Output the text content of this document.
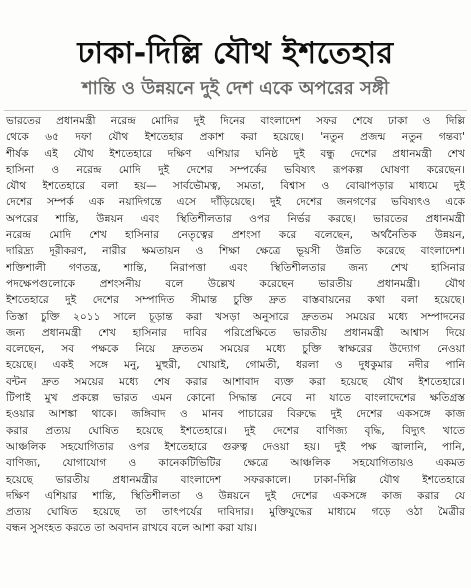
ঢাকা-দিল্লি যৌথ ইশতেহার
শান্তি ও উন্নয়নে দুই দেশ একে অপরের সঙ্গী
ভারতের প্রধানমন্ত্রী নরেন্দ্র মোদির দুই দিনের বাংলাদেশ সফর শেষে ঢাকা ও দিল্লি
থেকে ৬৫ দফা যৌথ ইশতেহার প্রকাশ করা হয়েছে। 'নতুন প্রজন্ম নতুন গন্তব্য'
শীর্ষক এই যৌথ ইশতেহারে দক্ষিণ এশিয়ার ঘনিষ্ঠ দুই বন্ধু দেশের প্রধানমন্ত্রী শেখ
হাসিনা ও নরেন্দ্র মোদি দুই দেশের সম্পর্কের ভবিষ্যৎ রূপকল্প ঘোষণা করেছেন।
যৌথ ইশতেহারে বলা হয়— সার্বভৌমত্ব, সমতা, বিশ্বাস ও বোঝাপড়ার মাধ্যমে দুই
দেশের সম্পর্ক এক নয়াদিগন্তে এসে দাঁড়িয়েছে। দুই দেশের জনগণের ভবিষ্যৎও একে
অপরের শান্তি, উন্নয়ন এবং স্থিতিশীলতার ওপর নির্ভর করছে। ভারতের প্রধানমন্ত্রী
নরেন্দ্র মোদি শেখ হাসিনার নেতৃত্বের প্রশংসা করে বলেছেন, অর্থনৈতিক উন্নয়ন,
দারিদ্র্য দূরীকরণ, নারীর ক্ষমতায়ন ও শিক্ষা ক্ষেত্রে ভূয়সী উন্নতি করেছে বাংলাদেশ।
শক্তিশালী গণতন্ত্র, শান্তি, নিরাপত্তা এবং স্থিতিশীলতার জন্য শেখ হাসিনার
পদক্ষেপগুলোকে প্রশংসনীয় বলে উল্লেখ করেছেন ভারতীয় প্রধানমন্ত্রী। যৌথ
ইশতেহারে দুই দেশের সম্পাদিত সীমান্ত চুক্তি দ্রুত বাস্তবায়নের কথা বলা হয়েছে।
তিস্তা চুক্তি ২০১১ সালে চূড়ান্ত করা খসড়া অনুসারে দ্রুততম সময়ের মধ্যে সম্পাদনের
জন্য প্রধানমন্ত্রী শেখ হাসিনার দাবির পরিপ্রেক্ষিতে ভারতীয় প্রধানমন্ত্রী আশ্বাস দিয়ে
বলেছেন, সব পক্ষকে নিয়ে দ্রুততম সময়ের মধ্যে চুক্তি স্বাক্ষরের উদ্যোগ নেওয়া
হয়েছে। একই সঙ্গে মনু, মুহুরী, খোয়াই, গোমতী, ধরলা ও দুধকুমার নদীর পানি
বন্টন দ্রুত সময়ের মধ্যে শেষ করার আশাবাদ ব্যক্ত করা হয়েছে যৌথ ইশতেহারে।
টিপাই মুখ প্রকল্পে ভারত এমন কোনো সিদ্ধান্ত নেবে না যাতে বাংলাদেশের ক্ষতিগ্রস্ত
হওয়ার আশঙ্কা থাকে। জঙ্গিবাদ ও মানব পাচারের বিরুদ্ধে দুই দেশের একসঙ্গে কাজ
করার প্রত্যয় ঘোষিত হয়েছে ইশতেহারে। দুই দেশের বাণিজ্য বৃদ্ধি, বিদ্যুৎ খাতে
আঞ্চলিক সহযোগিতার ওপর ইশতেহারে গুরুত্ব দেওয়া হয়। দুই পক্ষ জ্বালানি, পানি,
বাণিজ্য, যোগাযোগ ও কানেকটিভিটির ক্ষেত্রে আঞ্চলিক সহযোগিতায়ও একমত
হয়েছে ভারতীয় প্রধানমন্ত্রীর বাংলাদেশ সফরকালে। ঢাকা-দিল্লি যৌথ ইশতেহারে
দক্ষিণ এশিয়ার শান্তি, স্থিতিশীলতা ও উন্নয়নে দুই দেশের একসঙ্গে কাজ করার যে
প্রত্যয় ঘোষিত হয়েছে তা তাৎপর্যের দাবিদার। মুক্তিযুদ্ধের মাধ্যমে গড়ে ওঠা মৈত্রীর
বন্ধন সুসংহত করতে তা অবদান রাখবে বলে আশা করা যায়।
